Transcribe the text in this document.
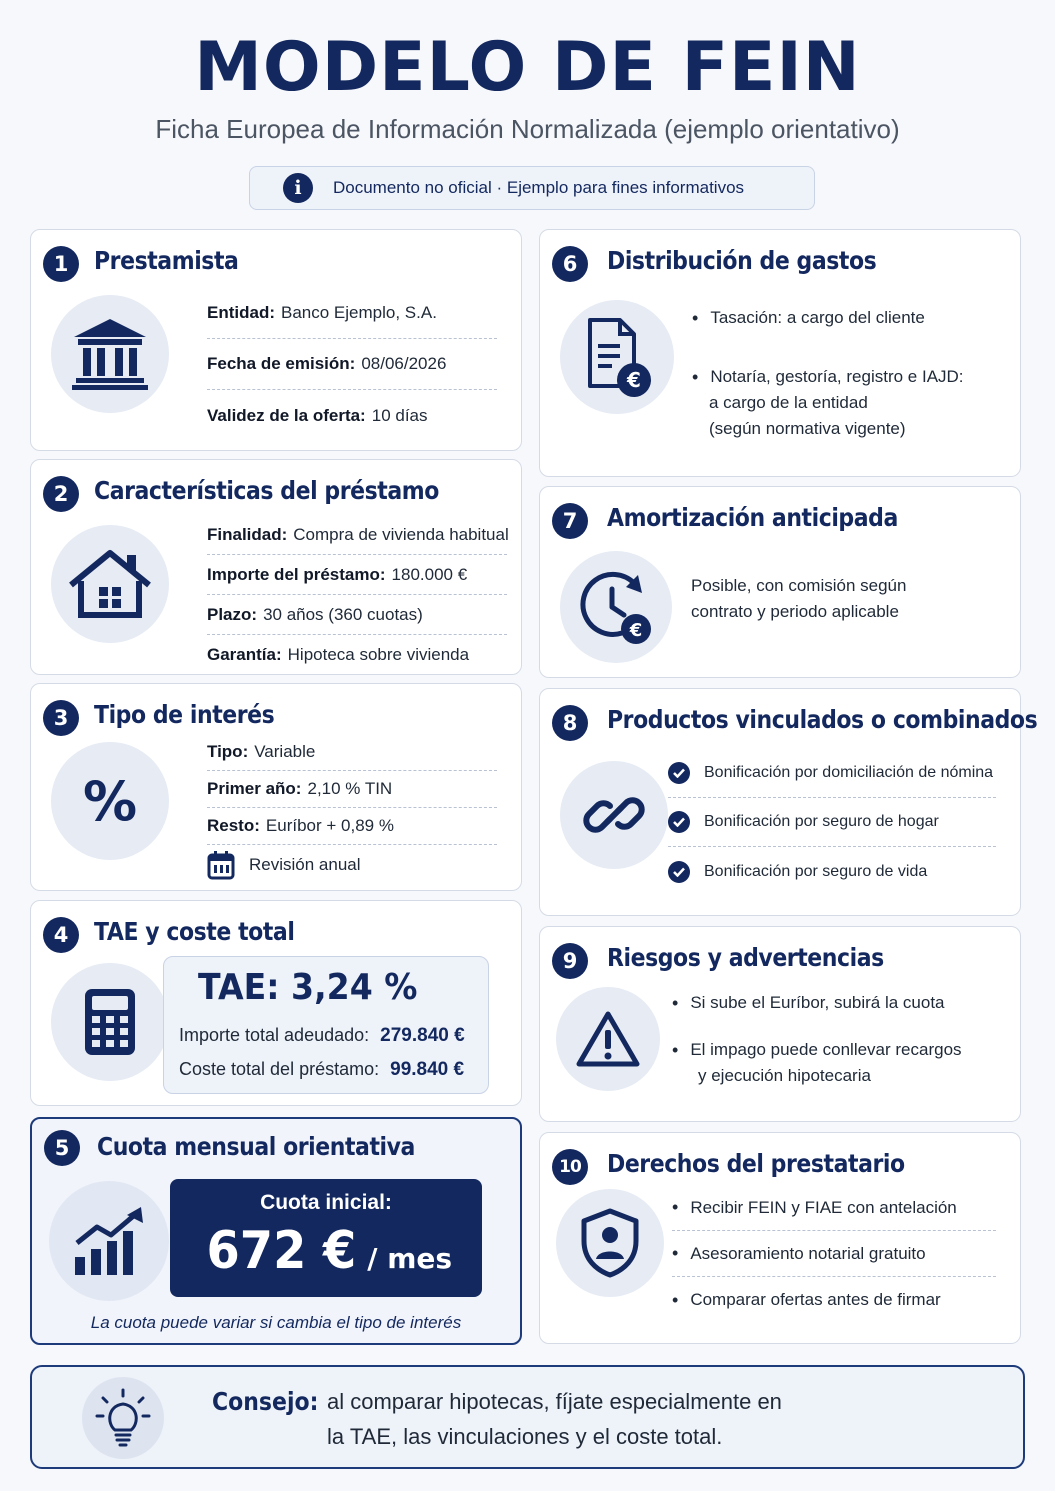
MODELO DE FEIN
Ficha Europea de Información Normalizada (ejemplo orientativo)
i	Documento no oficial · Ejemplo para fines informativos
1	Prestamista
Entidad: Banco Ejemplo, S.A.
Fecha de emisión: 08/06/2026
Validez de la oferta: 10 días
2	Características del préstamo
Finalidad: Compra de vivienda habitual
Importe del préstamo: 180.000 €
Plazo: 30 años (360 cuotas)
Garantía: Hipoteca sobre vivienda
3	Tipo de interés
%
Tipo: Variable
Primer año: 2,10 % TIN
Resto: Euríbor + 0,89 %
Revisión anual
4	TAE y coste total
TAE: 3,24 %
Importe total adeudado: 279.840 €
Coste total del préstamo: 99.840 €
5	Cuota mensual orientativa
Cuota inicial:
672 € / mes
La cuota puede variar si cambia el tipo de interés
6	Distribución de gastos
€
• Tasación: a cargo del cliente
• Notaría, gestoría, registro e IAJD:
a cargo de la entidad
(según normativa vigente)
7	Amortización anticipada
€
Posible, con comisión según
contrato y periodo aplicable
8	Productos vinculados o combinados
Bonificación por domiciliación de nómina
Bonificación por seguro de hogar
Bonificación por seguro de vida
9	Riesgos y advertencias
• Si sube el Euríbor, subirá la cuota
• El impago puede conllevar recargos
y ejecución hipotecaria
10 Derechos del prestatario
• Recibir FEIN y FIAE con antelación
• Asesoramiento notarial gratuito
• Comparar ofertas antes de firmar
Consejo: al comparar hipotecas, fíjate especialmente en
la TAE, las vinculaciones y el coste total.
